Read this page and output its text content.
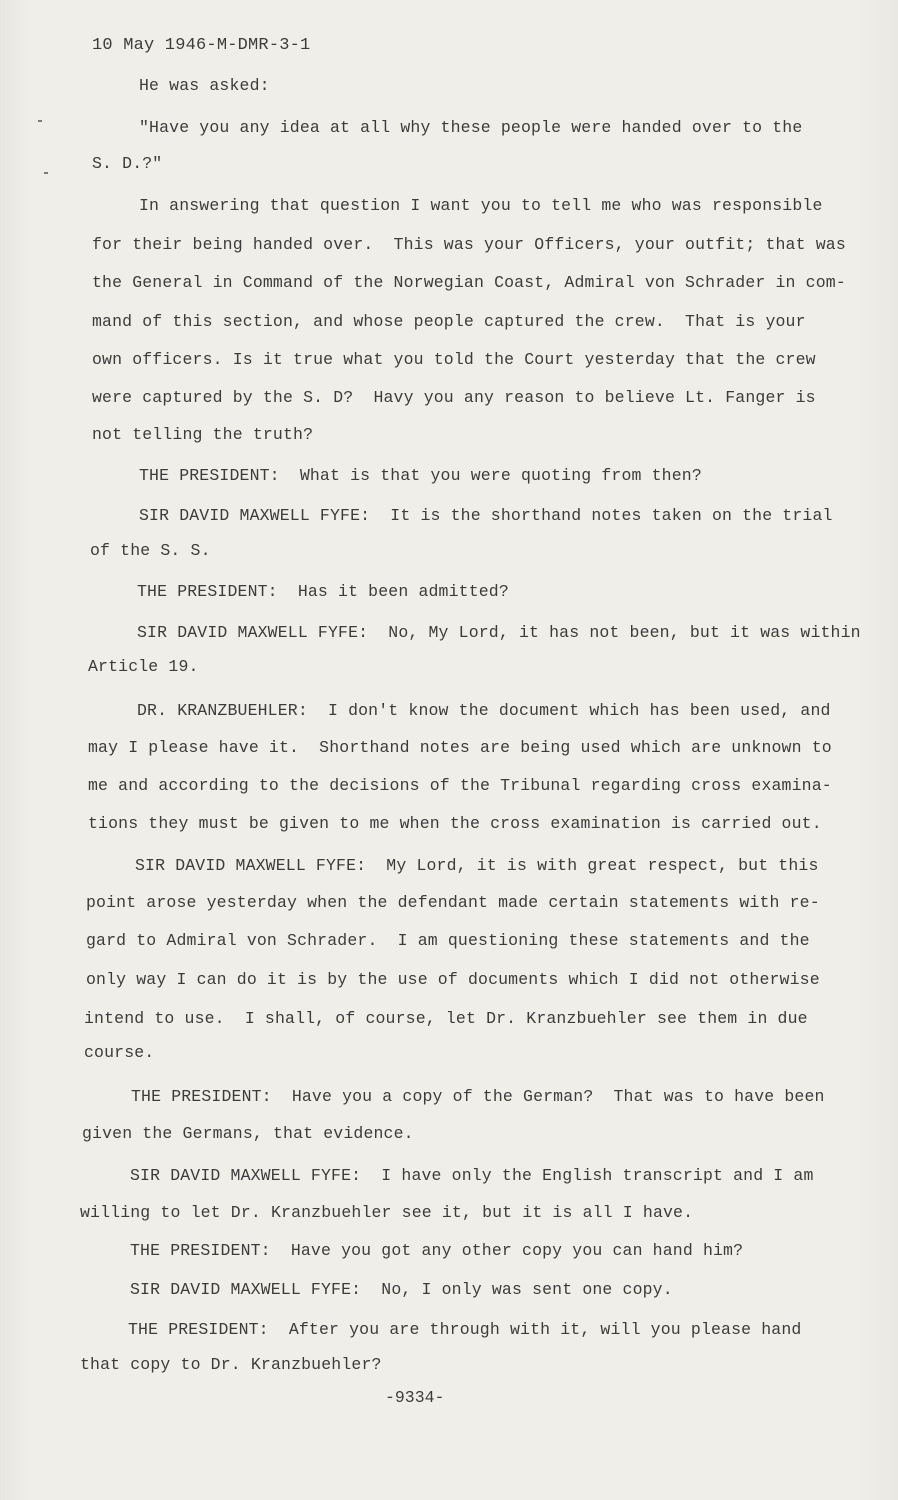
10 May 1946-M-DMR-3-1
He was asked:
"Have you any idea at all why these people were handed over to the
S. D.?"
In answering that question I want you to tell me who was responsible
for their being handed over.  This was your Officers, your outfit; that was
the General in Command of the Norwegian Coast, Admiral von Schrader in com-
mand of this section, and whose people captured the crew.  That is your
own officers. Is it true what you told the Court yesterday that the crew
were captured by the S. D?  Havy you any reason to believe Lt. Fanger is
not telling the truth?
THE PRESIDENT:  What is that you were quoting from then?
SIR DAVID MAXWELL FYFE:  It is the shorthand notes taken on the trial
of the S. S.
THE PRESIDENT:  Has it been admitted?
SIR DAVID MAXWELL FYFE:  No, My Lord, it has not been, but it was within
Article 19.
DR. KRANZBUEHLER:  I don't know the document which has been used, and
may I please have it.  Shorthand notes are being used which are unknown to
me and according to the decisions of the Tribunal regarding cross examina-
tions they must be given to me when the cross examination is carried out.
SIR DAVID MAXWELL FYFE:  My Lord, it is with great respect, but this
point arose yesterday when the defendant made certain statements with re-
gard to Admiral von Schrader.  I am questioning these statements and the
only way I can do it is by the use of documents which I did not otherwise
intend to use.  I shall, of course, let Dr. Kranzbuehler see them in due
course.
THE PRESIDENT:  Have you a copy of the German?  That was to have been
given the Germans, that evidence.
SIR DAVID MAXWELL FYFE:  I have only the English transcript and I am
willing to let Dr. Kranzbuehler see it, but it is all I have.
THE PRESIDENT:  Have you got any other copy you can hand him?
SIR DAVID MAXWELL FYFE:  No, I only was sent one copy.
THE PRESIDENT:  After you are through with it, will you please hand
that copy to Dr. Kranzbuehler?
-9334-
